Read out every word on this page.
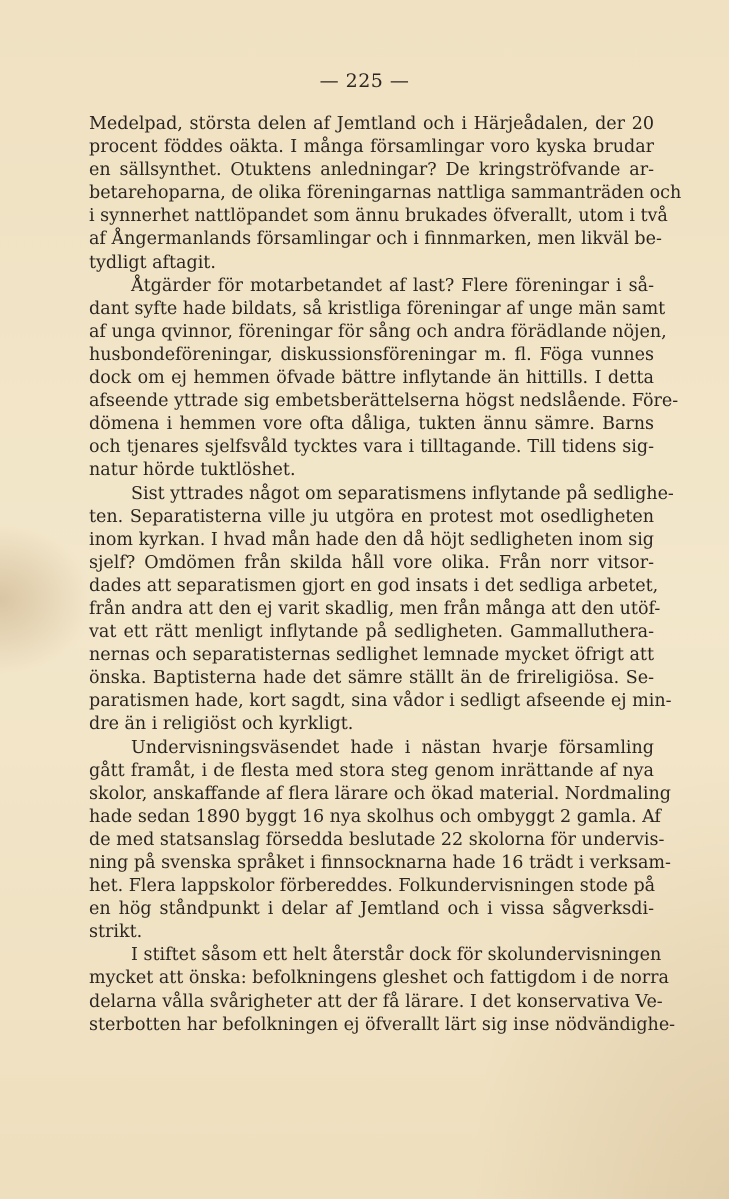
— 225 —
Medelpad, största delen af Jemtland och i Härjeådalen, der 20
procent föddes oäkta. I många församlingar voro kyska brudar
en sällsynthet. Otuktens anledningar? De kringströfvande ar-
betarehoparna, de olika föreningarnas nattliga sammanträden och
i synnerhet nattlöpandet som ännu brukades öfverallt, utom i två
af Ångermanlands församlingar och i finnmarken, men likväl be-
tydligt aftagit.
Åtgärder för motarbetandet af last? Flere föreningar i så-
dant syfte hade bildats, så kristliga föreningar af unge män samt
af unga qvinnor, föreningar för sång och andra förädlande nöjen,
husbondeföreningar, diskussionsföreningar m. fl. Föga vunnes
dock om ej hemmen öfvade bättre inflytande än hittills. I detta
afseende yttrade sig embetsberättelserna högst nedslående. Före-
dömena i hemmen vore ofta dåliga, tukten ännu sämre. Barns
och tjenares sjelfsvåld tycktes vara i tilltagande. Till tidens sig-
natur hörde tuktlöshet.
Sist yttrades något om separatismens inflytande på sedlighe-
ten. Separatisterna ville ju utgöra en protest mot osedligheten
inom kyrkan. I hvad mån hade den då höjt sedligheten inom sig
sjelf? Omdömen från skilda håll vore olika. Från norr vitsor-
dades att separatismen gjort en god insats i det sedliga arbetet,
från andra att den ej varit skadlig, men från många att den utöf-
vat ett rätt menligt inflytande på sedligheten. Gammalluthera-
nernas och separatisternas sedlighet lemnade mycket öfrigt att
önska. Baptisterna hade det sämre ställt än de frireligiösa. Se-
paratismen hade, kort sagdt, sina vådor i sedligt afseende ej min-
dre än i religiöst och kyrkligt.
Undervisningsväsendet hade i nästan hvarje församling
gått framåt, i de flesta med stora steg genom inrättande af nya
skolor, anskaffande af flera lärare och ökad material. Nordmaling
hade sedan 1890 byggt 16 nya skolhus och ombyggt 2 gamla. Af
de med statsanslag försedda beslutade 22 skolorna för undervis-
ning på svenska språket i finnsocknarna hade 16 trädt i verksam-
het. Flera lappskolor förbereddes. Folkundervisningen stode på
en hög ståndpunkt i delar af Jemtland och i vissa sågverksdi-
strikt.
I stiftet såsom ett helt återstår dock för skolundervisningen
mycket att önska: befolkningens gleshet och fattigdom i de norra
delarna vålla svårigheter att der få lärare. I det konservativa Ve-
sterbotten har befolkningen ej öfverallt lärt sig inse nödvändighe-
